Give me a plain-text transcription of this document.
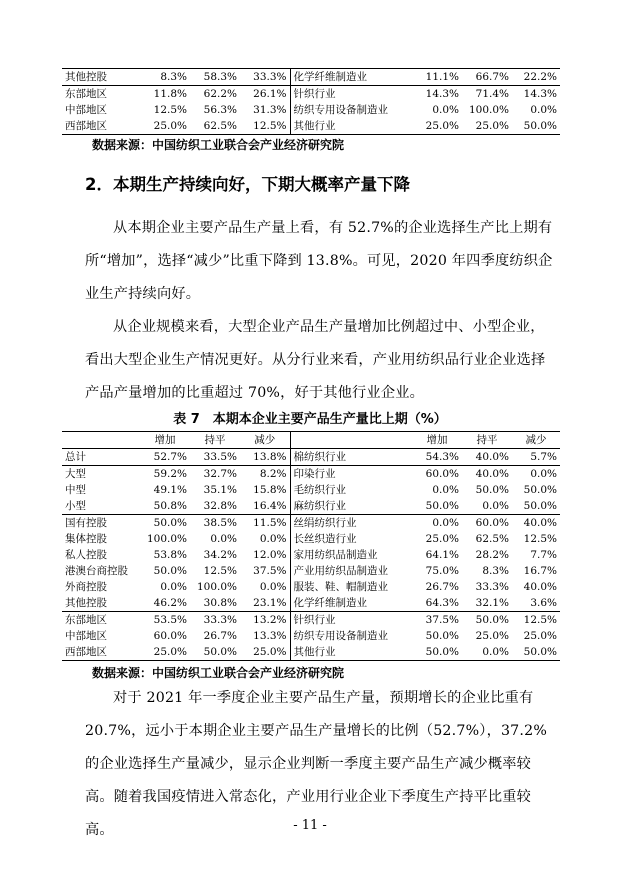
其他控股	8.3%	58.3%	33.3%	化学纤维制造业	11.1%	66.7%	22.2%
东部地区	11.8%	62.2%	26.1%	针织行业	14.3%	71.4%	14.3%
中部地区	12.5%	56.3%	31.3%	纺织专用设备制造业	0.0%	100.0%	0.0%
西部地区	25.0%	62.5%	12.5%	其他行业	25.0%	25.0%	50.0%
数据来源：中国纺织工业联合会产业经济研究院
2．本期生产持续向好，下期大概率产量下降

从本期企业主要产品生产量上看，有 52.7%的企业选择生产比上期有所“增加”，选择“减少”比重下降到 13.8%。可见，2020 年四季度纺织企业生产持续向好。

从企业规模来看，大型企业产品生产量增加比例超过中、小型企业，看出大型企业生产情况更好。从分行业来看，产业用纺织品行业企业选择产品产量增加的比重超过 70%，好于其他行业企业。

表 7　本期本企业主要产品生产量比上期（%）
	增加	持平	减少		增加	持平	减少
总计	52.7%	33.5%	13.8%	棉纺织行业	54.3%	40.0%	5.7%
大型	59.2%	32.7%	8.2%	印染行业	60.0%	40.0%	0.0%
中型	49.1%	35.1%	15.8%	毛纺织行业	0.0%	50.0%	50.0%
小型	50.8%	32.8%	16.4%	麻纺织行业	50.0%	0.0%	50.0%
国有控股	50.0%	38.5%	11.5%	丝绢纺织行业	0.0%	60.0%	40.0%
集体控股	100.0%	0.0%	0.0%	长丝织造行业	25.0%	62.5%	12.5%
私人控股	53.8%	34.2%	12.0%	家用纺织品制造业	64.1%	28.2%	7.7%
港澳台商控股	50.0%	12.5%	37.5%	产业用纺织品制造业	75.0%	8.3%	16.7%
外商控股	0.0%	100.0%	0.0%	服装、鞋、帽制造业	26.7%	33.3%	40.0%
其他控股	46.2%	30.8%	23.1%	化学纤维制造业	64.3%	32.1%	3.6%
东部地区	53.5%	33.3%	13.2%	针织行业	37.5%	50.0%	12.5%
中部地区	60.0%	26.7%	13.3%	纺织专用设备制造业	50.0%	25.0%	25.0%
西部地区	25.0%	50.0%	25.0%	其他行业	50.0%	0.0%	50.0%
数据来源：中国纺织工业联合会产业经济研究院

对于 2021 年一季度企业主要产品生产量，预期增长的企业比重有 20.7%，远小于本期企业主要产品生产量增长的比例（52.7%），37.2%的企业选择生产量减少，显示企业判断一季度主要产品生产减少概率较高。随着我国疫情进入常态化，产业用行业企业下季度生产持平比重较高。	- 11 -
